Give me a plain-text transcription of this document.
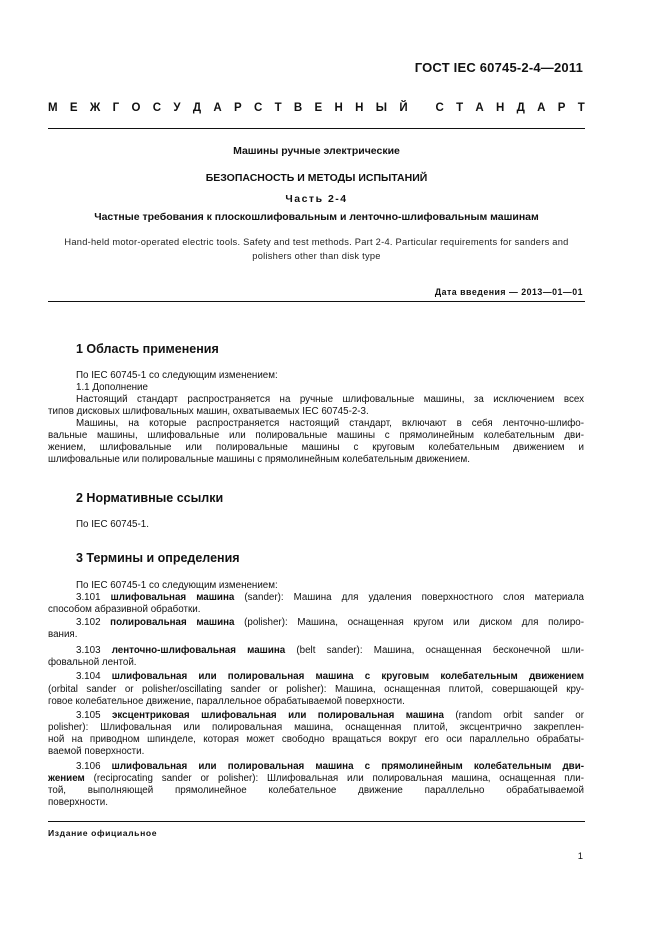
ГОСТ IEC 60745-2-4—2011
М Е Ж Г О С У Д А Р С Т В Е Н Н Ы Й
С Т А Н Д А Р Т
Машины ручные электрические
БЕЗОПАСНОСТЬ И МЕТОДЫ ИСПЫТАНИЙ
Часть 2-4
Частные требования к плоскошлифовальным и ленточно-шлифовальным машинам
Hand-held motor-operated electric tools. Safety and test methods. Part 2-4. Particular requirements for sanders and
polishers other than disk type
Дата введения — 2013—01—01
1 Область применения
По IEC 60745-1 со следующим изменением:
1.1 Дополнение
Настоящий стандарт распространяется на ручные шлифовальные машины, за исключением всех
типов дисковых шлифовальных машин, охватываемых IEC 60745-2-3.
Машины, на которые распространяется настоящий стандарт, включают в себя ленточно-шлифо-
вальные машины, шлифовальные или полировальные машины с прямолинейным колебательным дви-
жением, шлифовальные или полировальные машины с круговым колебательным движением и
шлифовальные или полировальные машины с прямолинейным колебательным движением.
2 Нормативные ссылки
По IEC 60745-1.
3 Термины и определения
По IEC 60745-1 со следующим изменением:
3.101 шлифовальная машина (sander): Машина для удаления поверхностного слоя материала
способом абразивной обработки.
3.102 полировальная машина (polisher): Машина, оснащенная кругом или диском для полиро-
вания.
3.103 ленточно-шлифовальная машина (belt sander): Машина, оснащенная бесконечной шли-
фовальной лентой.
3.104 шлифовальная или полировальная машина с круговым колебательным движением
(orbital sander or polisher/oscillating sander or polisher): Машина, оснащенная плитой, совершающей кру-
говое колебательное движение, параллельное обрабатываемой поверхности.
3.105 эксцентриковая шлифовальная или полировальная машина (random orbit sander or
polisher): Шлифовальная или полировальная машина, оснащенная плитой, эксцентрично закреплен-
ной на приводном шпинделе, которая может свободно вращаться вокруг его оси параллельно обрабаты-
ваемой поверхности.
3.106 шлифовальная или полировальная машина с прямолинейным колебательным дви-
жением (reciprocating sander or polisher): Шлифовальная или полировальная машина, оснащенная пли-
той, выполняющей прямолинейное колебательное движение параллельно обрабатываемой
поверхности.
Издание официальное
1
